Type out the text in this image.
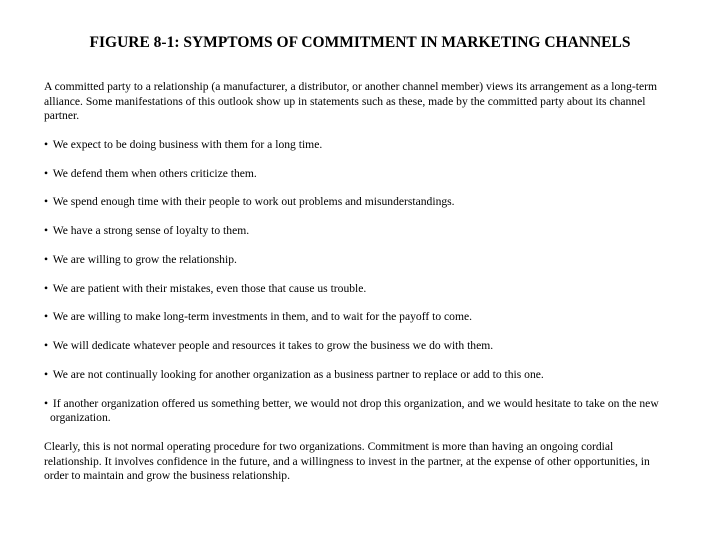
FIGURE 8-1: SYMPTOMS OF COMMITMENT IN MARKETING CHANNELS

A committed party to a relationship (a manufacturer, a distributor, or another channel member) views its arrangement as a long-term alliance. Some manifestations of this outlook show up in statements such as these, made by the committed party about its channel partner.

• We expect to be doing business with them for a long time.
• We defend them when others criticize them.
• We spend enough time with their people to work out problems and misunderstandings.
• We have a strong sense of loyalty to them.
• We are willing to grow the relationship.
• We are patient with their mistakes, even those that cause us trouble.
• We are willing to make long-term investments in them, and to wait for the payoff to come.
• We will dedicate whatever people and resources it takes to grow the business we do with them.
• We are not continually looking for another organization as a business partner to replace or add to this one.
• If another organization offered us something better, we would not drop this organization, and we would hesitate to take on the new organization.

Clearly, this is not normal operating procedure for two organizations. Commitment is more than having an ongoing cordial relationship. It involves confidence in the future, and a willingness to invest in the partner, at the expense of other opportunities, in order to maintain and grow the business relationship.
